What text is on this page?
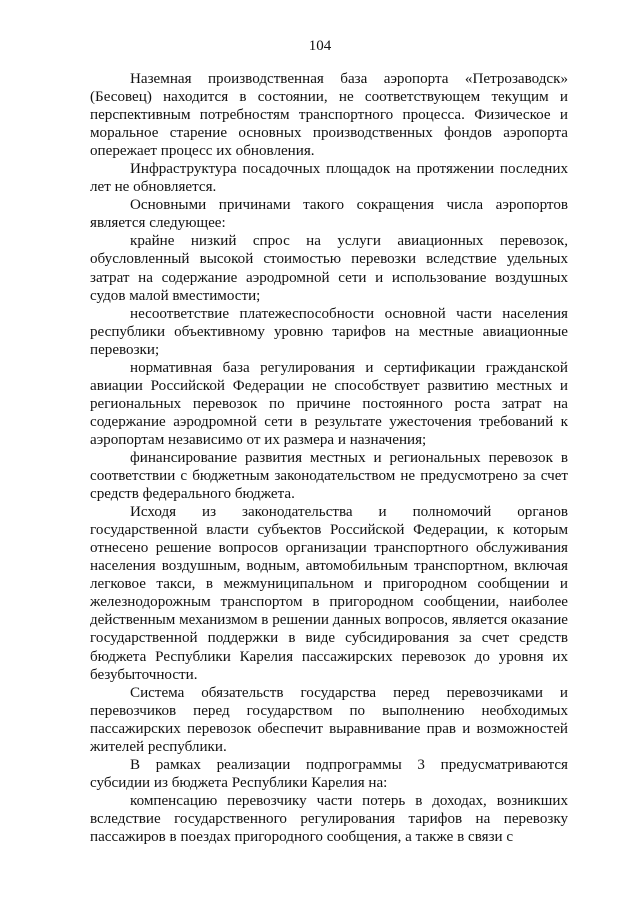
104

Наземная производственная база аэропорта «Петрозаводск» (Бесовец) находится в состоянии, не соответствующем текущим и перспективным потребностям транспортного процесса. Физическое и моральное старение основных производственных фондов аэропорта опережает процесс их обновления.

Инфраструктура посадочных площадок на протяжении последних лет не обновляется.

Основными причинами такого сокращения числа аэропортов является следующее:

крайне низкий спрос на услуги авиационных перевозок, обусловленный высокой стоимостью перевозки вследствие удельных затрат на содержание аэродромной сети и использование воздушных судов малой вместимости;

несоответствие платежеспособности основной части населения республики объективному уровню тарифов на местные авиационные перевозки;

нормативная база регулирования и сертификации гражданской авиации Российской Федерации не способствует развитию местных и региональных перевозок по причине постоянного роста затрат на содержание аэродромной сети в результате ужесточения требований к аэропортам независимо от их размера и назначения;

финансирование развития местных и региональных перевозок в соответствии с бюджетным законодательством не предусмотрено за счет средств федерального бюджета.

Исходя из законодательства и полномочий органов государственной власти субъектов Российской Федерации, к которым отнесено решение вопросов организации транспортного обслуживания населения воздушным, водным, автомобильным транспортном, включая легковое такси, в межмуниципальном и пригородном сообщении и железнодорожным транспортом в пригородном сообщении, наиболее действенным механизмом в решении данных вопросов, является оказание государственной поддержки в виде субсидирования за счет средств бюджета Республики Карелия пассажирских перевозок до уровня их безубыточности.

Система обязательств государства перед перевозчиками и перевозчиков перед государством по выполнению необходимых пассажирских перевозок обеспечит выравнивание прав и возможностей жителей республики.

В рамках реализации подпрограммы 3 предусматриваются субсидии из бюджета Республики Карелия на:

компенсацию перевозчику части потерь в доходах, возникших вследствие государственного регулирования тарифов на перевозку пассажиров в поездах пригородного сообщения, а также в связи с
